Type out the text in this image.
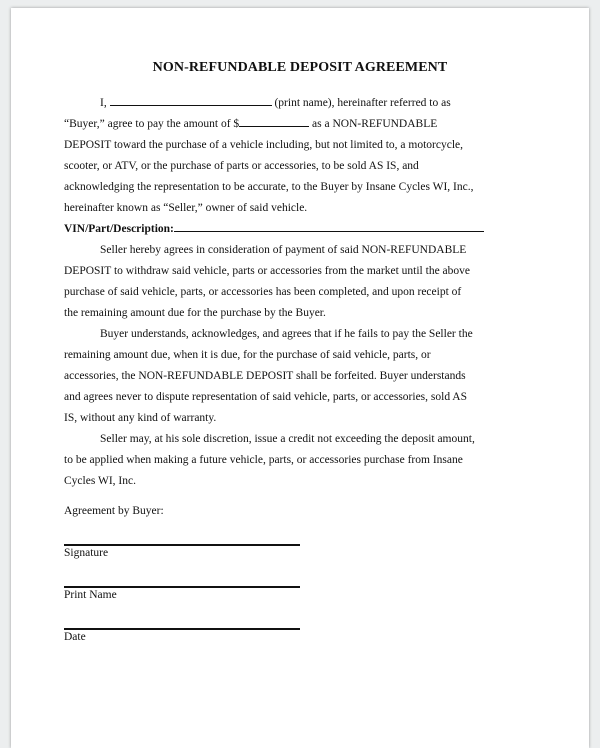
NON-REFUNDABLE DEPOSIT AGREEMENT
I,	(print name), hereinafter referred to as
“Buyer,” agree to pay the amount of $	as a NON-REFUNDABLE
DEPOSIT toward the purchase of a vehicle including, but not limited to, a motorcycle,
scooter, or ATV, or the purchase of parts or accessories, to be sold AS IS, and
acknowledging the representation to be accurate, to the Buyer by Insane Cycles WI, Inc.,
hereinafter known as “Seller,” owner of said vehicle.
VIN/Part/Description:
Seller hereby agrees in consideration of payment of said NON-REFUNDABLE
DEPOSIT to withdraw said vehicle, parts or accessories from the market until the above
purchase of said vehicle, parts, or accessories has been completed, and upon receipt of
the remaining amount due for the purchase by the Buyer.
Buyer understands, acknowledges, and agrees that if he fails to pay the Seller the
remaining amount due, when it is due, for the purchase of said vehicle, parts, or
accessories, the NON-REFUNDABLE DEPOSIT shall be forfeited. Buyer understands
and agrees never to dispute representation of said vehicle, parts, or accessories, sold AS
IS, without any kind of warranty.
Seller may, at his sole discretion, issue a credit not exceeding the deposit amount,
to be applied when making a future vehicle, parts, or accessories purchase from Insane
Cycles WI, Inc.
Agreement by Buyer:
Signature
Print Name
Date
